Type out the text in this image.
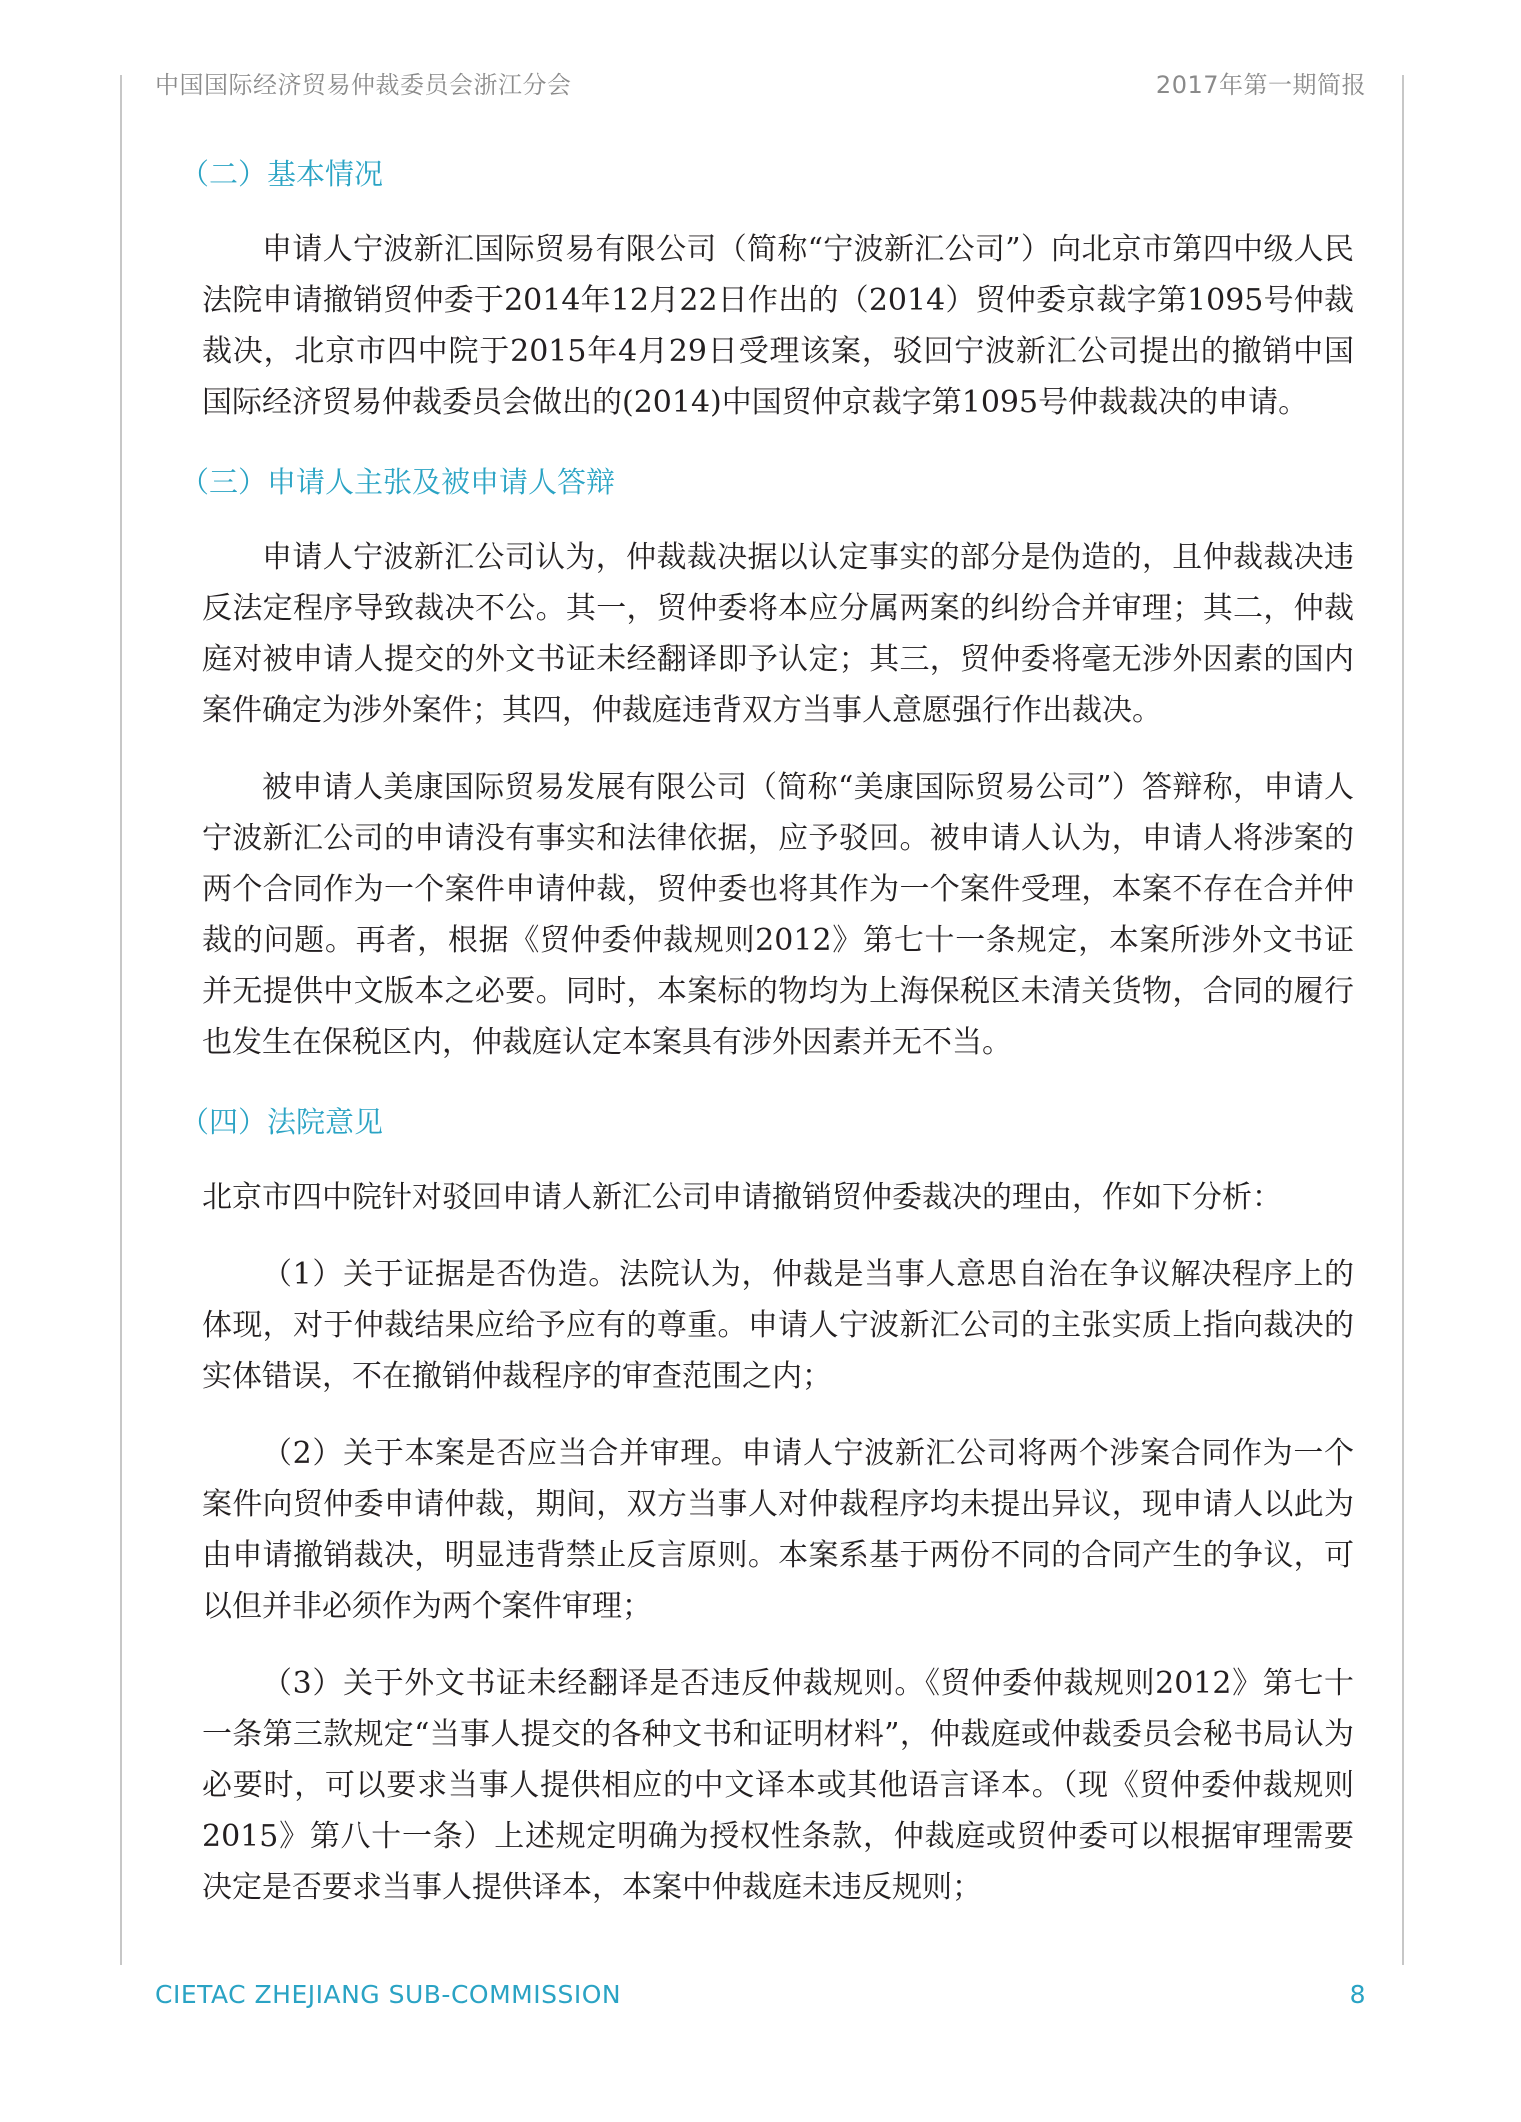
中国国际经济贸易仲裁委员会浙江分会	2017年第一期简报
（二）基本情况

申请人宁波新汇国际贸易有限公司（简称“宁波新汇公司”）向北京市第四中级人民法院申请撤销贸仲委于2014年12月22日作出的（2014）贸仲委京裁字第1095号仲裁裁决，北京市四中院于2015年4月29日受理该案，驳回宁波新汇公司提出的撤销中国国际经济贸易仲裁委员会做出的(2014)中国贸仲京裁字第1095号仲裁裁决的申请。

（三）申请人主张及被申请人答辩

申请人宁波新汇公司认为，仲裁裁决据以认定事实的部分是伪造的，且仲裁裁决违反法定程序导致裁决不公。其一，贸仲委将本应分属两案的纠纷合并审理；其二，仲裁庭对被申请人提交的外文书证未经翻译即予认定；其三，贸仲委将毫无涉外因素的国内案件确定为涉外案件；其四，仲裁庭违背双方当事人意愿强行作出裁决。

被申请人美康国际贸易发展有限公司（简称“美康国际贸易公司”）答辩称，申请人宁波新汇公司的申请没有事实和法律依据，应予驳回。被申请人认为，申请人将涉案的两个合同作为一个案件申请仲裁，贸仲委也将其作为一个案件受理，本案不存在合并仲裁的问题。再者，根据《贸仲委仲裁规则2012》第七十一条规定，本案所涉外文书证并无提供中文版本之必要。同时，本案标的物均为上海保税区未清关货物，合同的履行也发生在保税区内，仲裁庭认定本案具有涉外因素并无不当。

（四）法院意见

北京市四中院针对驳回申请人新汇公司申请撤销贸仲委裁决的理由，作如下分析：

（1）关于证据是否伪造。法院认为，仲裁是当事人意思自治在争议解决程序上的体现，对于仲裁结果应给予应有的尊重。申请人宁波新汇公司的主张实质上指向裁决的实体错误，不在撤销仲裁程序的审查范围之内；

（2）关于本案是否应当合并审理。申请人宁波新汇公司将两个涉案合同作为一个案件向贸仲委申请仲裁，期间，双方当事人对仲裁程序均未提出异议，现申请人以此为由申请撤销裁决，明显违背禁止反言原则。本案系基于两份不同的合同产生的争议，可以但并非必须作为两个案件审理；

（3）关于外文书证未经翻译是否违反仲裁规则。《贸仲委仲裁规则2012》第七十一条第三款规定“当事人提交的各种文书和证明材料”，仲裁庭或仲裁委员会秘书局认为必要时，可以要求当事人提供相应的中文译本或其他语言译本。（现《贸仲委仲裁规则2015》第八十一条）上述规定明确为授权性条款，仲裁庭或贸仲委可以根据审理需要决定是否要求当事人提供译本，本案中仲裁庭未违反规则；

CIETAC ZHEJIANG SUB-COMMISSION	8
